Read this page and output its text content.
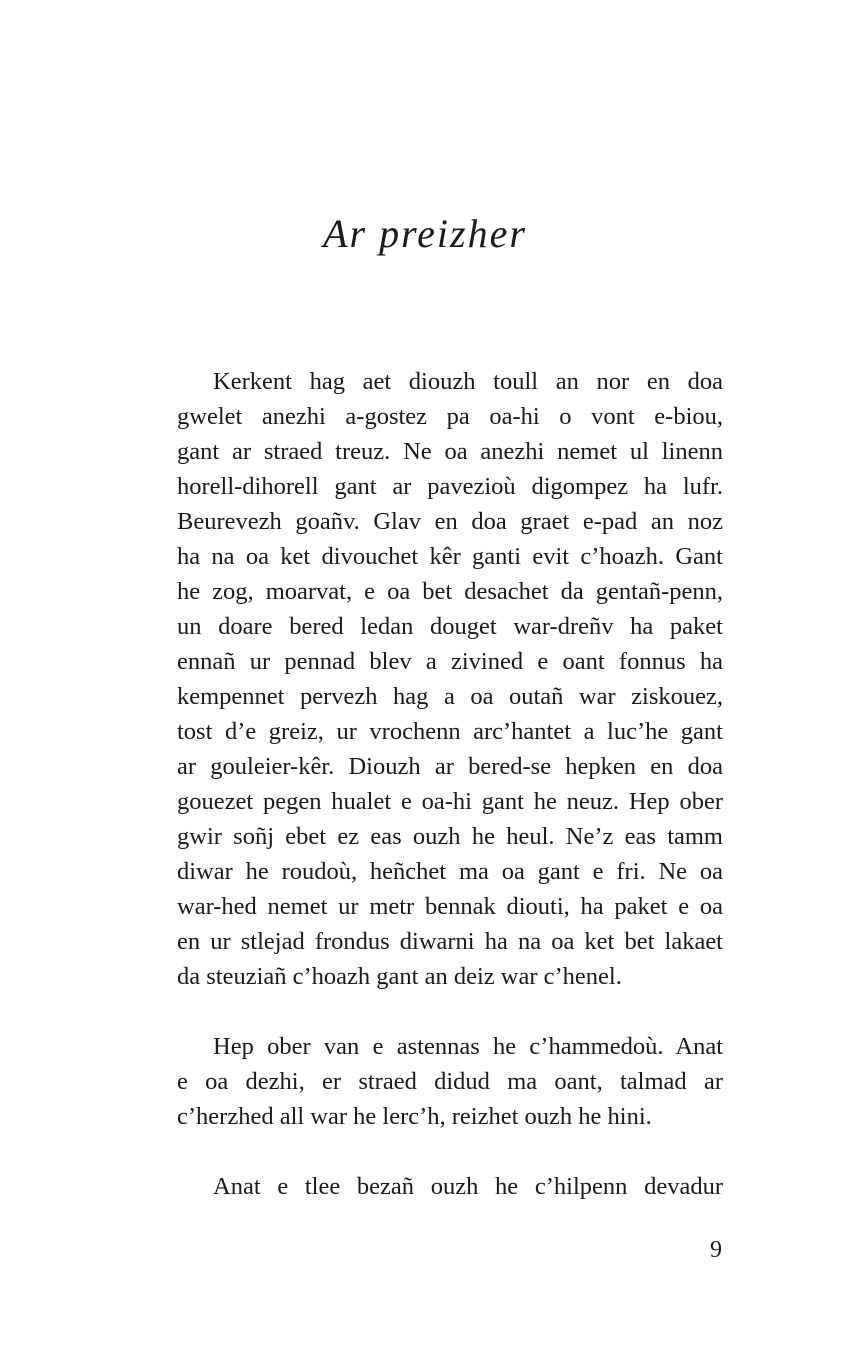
Ar preizher

Kerkent hag aet diouzh toull an nor en doa
gwelet anezhi a-gostez pa oa-hi o vont e-biou,
gant ar straed treuz. Ne oa anezhi nemet ul linenn
horell-dihorell gant ar pavezioù digompez ha lufr.
Beurevezh goañv. Glav en doa graet e-pad an noz
ha na oa ket divouchet kêr ganti evit c’hoazh. Gant
he zog, moarvat, e oa bet desachet da gentañ-penn,
un doare bered ledan douget war-dreñv ha paket
ennañ ur pennad blev a zivined e oant fonnus ha
kempennet pervezh hag a oa outañ war ziskouez,
tost d’e greiz, ur vrochenn arc’hantet a luc’he gant
ar gouleier-kêr. Diouzh ar bered-se hepken en doa
gouezet pegen hualet e oa-hi gant he neuz. Hep ober
gwir soñj ebet ez eas ouzh he heul. Ne’z eas tamm
diwar he roudoù, heñchet ma oa gant e fri. Ne oa
war-hed nemet ur metr bennak diouti, ha paket e oa
en ur stlejad frondus diwarni ha na oa ket bet lakaet
da steuziañ c’hoazh gant an deiz war c’henel.

Hep ober van e astennas he c’hammedoù. Anat
e oa dezhi, er straed didud ma oant, talmad ar
c’herzhed all war he lerc’h, reizhet ouzh he hini.

Anat e tlee bezañ ouzh he c’hilpenn devadur

9
